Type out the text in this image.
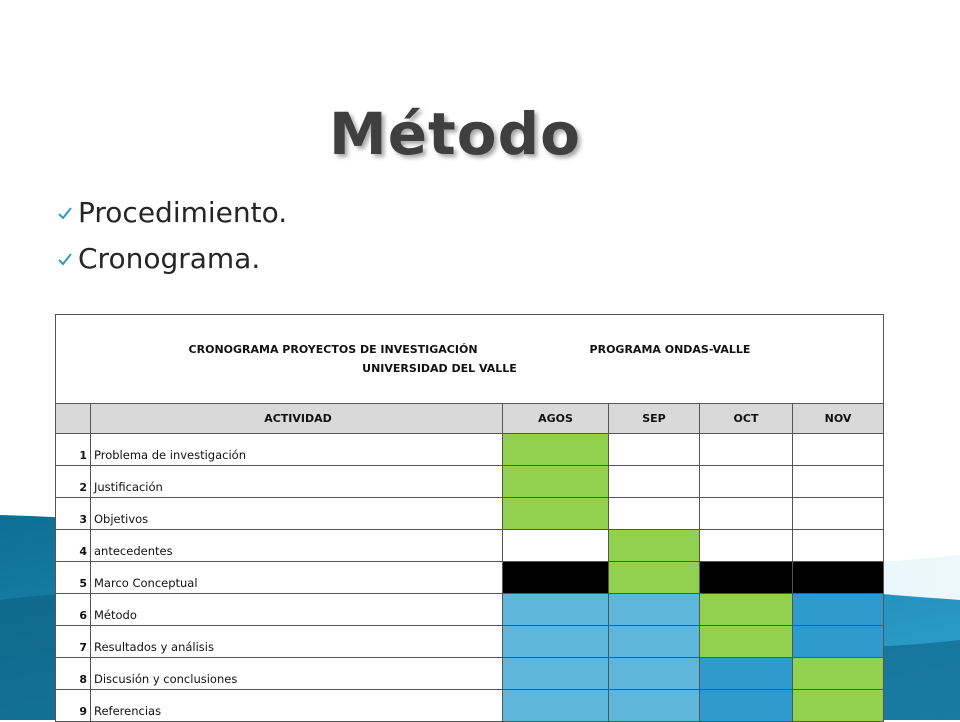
Método
Procedimiento.
Cronograma.
CRONOGRAMA PROYECTOS DE INVESTIGACIÓN PROGRAMA ONDAS-VALLE
UNIVERSIDAD DEL VALLE					

	ACTIVIDAD	AGOS	SEP	OCT	NOV
1	Problema de investigación				
2	Justificación				
3	Objetivos				
4	antecedentes				
5	Marco Conceptual				
6	Método				
7	Resultados y análisis				
8	Discusión y conclusiones				
9	Referencias				
